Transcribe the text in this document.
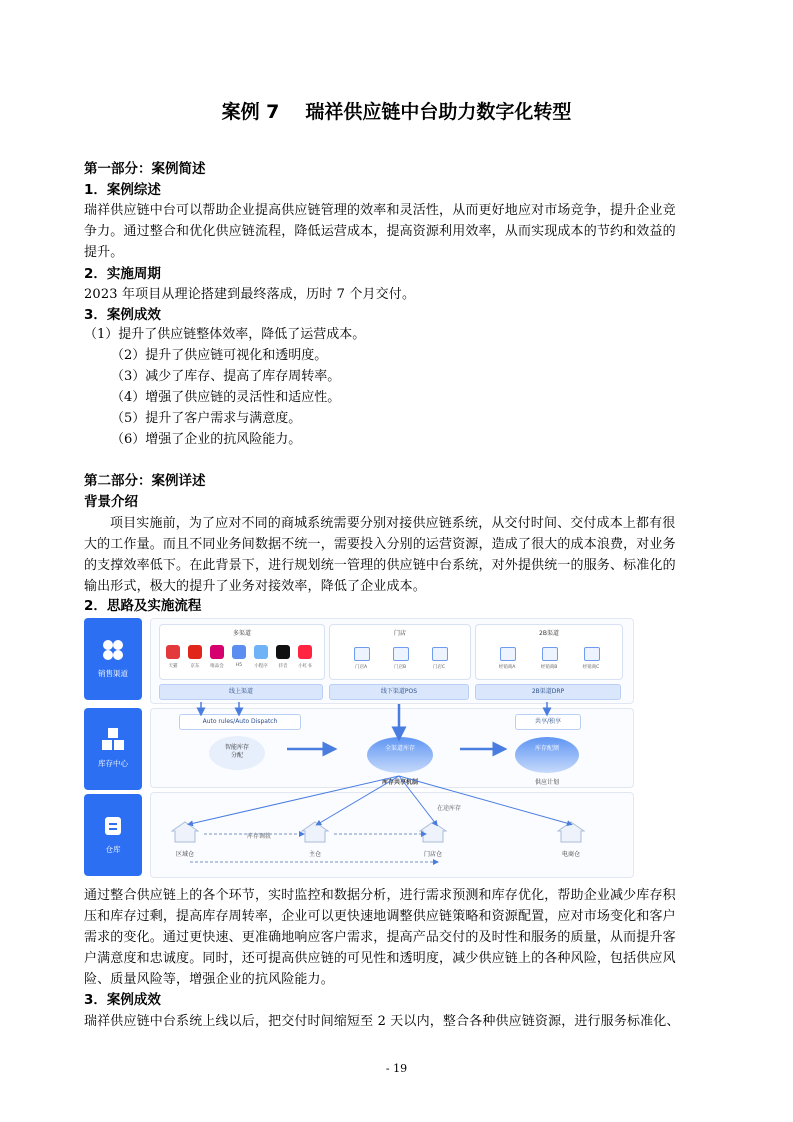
案例 7 瑞祥供应链中台助力数字化转型
第一部分：案例简述
1．案例综述
瑞祥供应链中台可以帮助企业提高供应链管理的效率和灵活性，从而更好地应对市场竞争，提升企业竞
争力。通过整合和优化供应链流程，降低运营成本，提高资源利用效率，从而实现成本的节约和效益的
提升。
2．实施周期
2023 年项目从理论搭建到最终落成，历时 7 个月交付。
3．案例成效
（1）提升了供应链整体效率，降低了运营成本。
（2）提升了供应链可视化和透明度。
（3）减少了库存、提高了库存周转率。
（4）增强了供应链的灵活性和适应性。
（5）提升了客户需求与满意度。
（6）增强了企业的抗风险能力。
第二部分：案例详述
背景介绍
项目实施前，为了应对不同的商城系统需要分别对接供应链系统，从交付时间、交付成本上都有很
大的工作量。而且不同业务间数据不统一，需要投入分别的运营资源，造成了很大的成本浪费，对业务
的支撑效率低下。在此背景下，进行规划统一管理的供应链中台系统，对外提供统一的服务、标准化的
输出形式，极大的提升了业务对接效率，降低了企业成本。
2．思路及实施流程
销售渠道
库存中心
仓库
多渠道
天猫	京东	唯品会	H5	小程序	抖音	小红书
门店
门店A	门店B	门店C
2B渠道
经销商A	经销商B	经销商C
线上渠道	线下渠道POS	2B渠道DRP
Auto rules/Auto Dispatch	共享/独享
智能库存
分配
全渠道库存
库存共享机制
库存配额
供应计划
在途库存
库存调拨
区域仓	主仓	门店仓	电商仓
通过整合供应链上的各个环节，实时监控和数据分析，进行需求预测和库存优化，帮助企业减少库存积
压和库存过剩，提高库存周转率，企业可以更快速地调整供应链策略和资源配置，应对市场变化和客户
需求的变化。通过更快速、更准确地响应客户需求，提高产品交付的及时性和服务的质量，从而提升客
户满意度和忠诚度。同时，还可提高供应链的可见性和透明度，减少供应链上的各种风险，包括供应风
险、质量风险等，增强企业的抗风险能力。
3．案例成效
瑞祥供应链中台系统上线以后，把交付时间缩短至 2 天以内，整合各种供应链资源，进行服务标准化、
- 19
